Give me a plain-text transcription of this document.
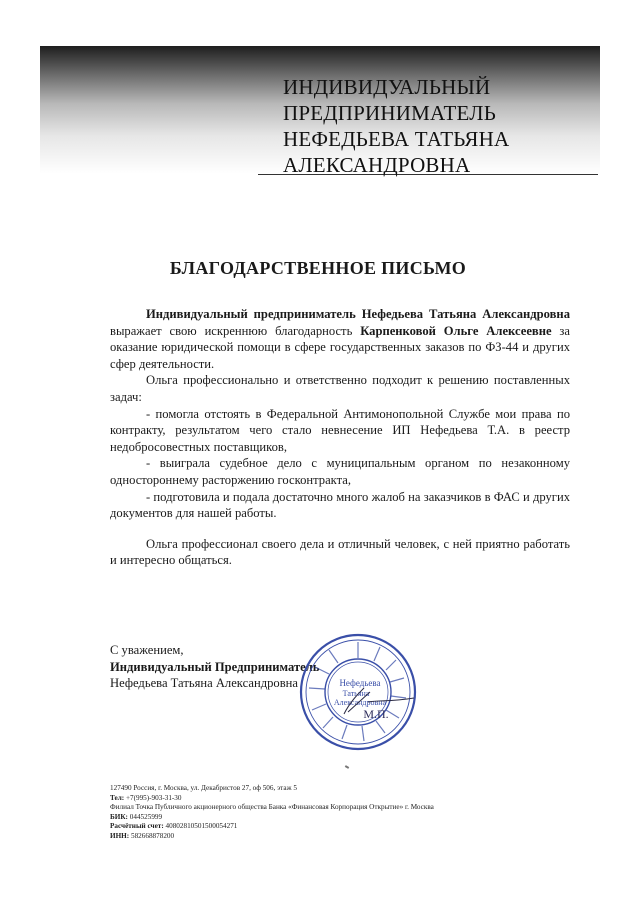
ИНДИВИДУАЛЬНЫЙ
ПРЕДПРИНИМАТЕЛЬ
НЕФЕДЬЕВА ТАТЬЯНА
АЛЕКСАНДРОВНА
БЛАГОДАРСТВЕННОЕ ПИСЬМО

Индивидуальный предприниматель Нефедьева Татьяна Александровна выражает свою искреннюю благодарность Карпенковой Ольге Алексеевне за оказание юридической помощи в сфере государственных заказов по ФЗ-44 и других сфер деятельности.

Ольга профессионально и ответственно подходит к решению поставленных задач:

- помогла отстоять в Федеральной Антимонопольной Службе мои права по контракту, результатом чего стало невнесение ИП Нефедьева Т.А. в реестр недобросовестных поставщиков,

- выиграла судебное дело с муниципальным органом по незаконному одностороннему расторжению госконтракта,

- подготовила и подала достаточно много жалоб на заказчиков в ФАС и других документов для нашей работы.

Ольга профессионал своего дела и отличный человек, с ней приятно работать и интересно общаться.

С уважением,
Индивидуальный Предприниматель
Нефедьева Татьяна Александровна	Нефедьева
Татьяна
Александровна
М.П.
127490 Россия, г. Москва, ул. Декабристов 27, оф 506, этаж 5
Тел: +7(995)-903-31-30
Филиал Точка Публичного акционерного общества Банка «Финансовая Корпорация Открытие» г. Москва
БИК: 044525999
Расчётный счет: 40802810501500054271
ИНН: 582668878200
